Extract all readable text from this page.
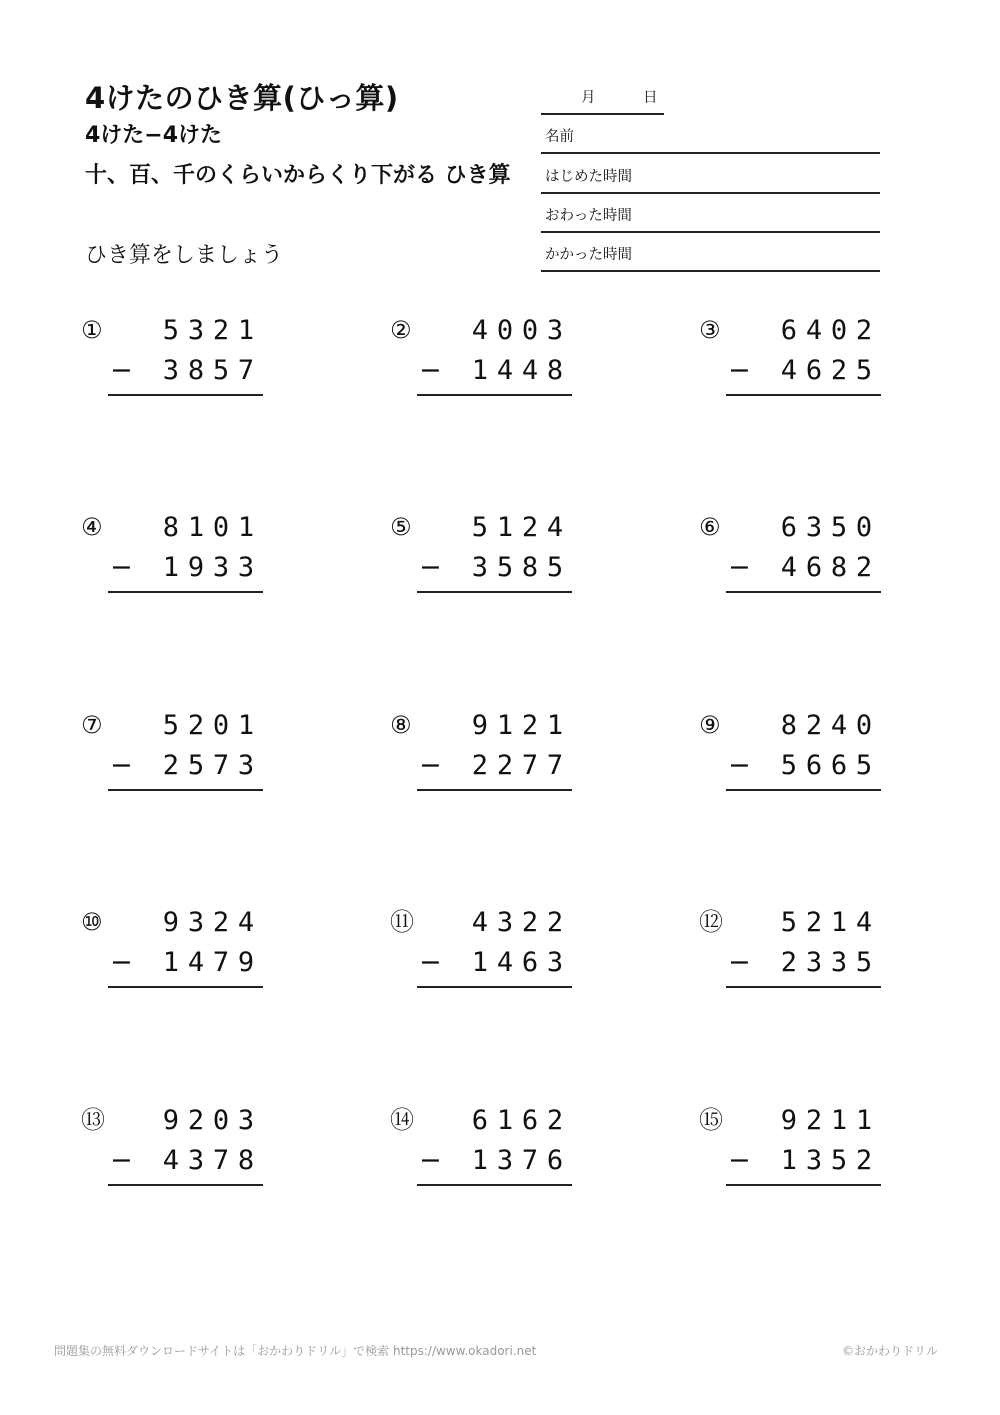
4けたのひき算(ひっ算)
4けた−4けた
十、百、千のくらいからくり下がる ひき算
ひき算をしましょう
月	日
名前
はじめた時間
おわった時間
かかった時間
① 5321
− 3857
② 4003
− 1448
③ 6402
− 4625
④ 8101
− 1933
⑤ 5124
− 3585
⑥ 6350
− 4682
⑦ 5201
− 2573
⑧ 9121
− 2277
⑨ 8240
− 5665
⑩ 9324
− 1479
⑪ 4322
− 1463
⑫ 5214
− 2335
⑬ 9203
− 4378
⑭ 6162
− 1376
⑮ 9211
− 1352
問題集の無料ダウンロードサイトは「おかわりドリル」で検索 https://www.okadori.net	©おかわりドリル
